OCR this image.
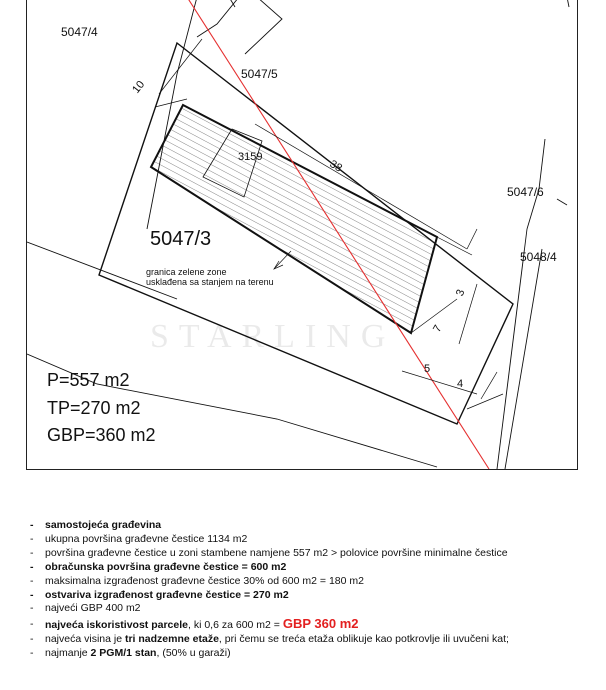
5047/4
5047/5
5047/6
5048/4
3159
5047/3
10
38
3
7
5
4
granica zelene zone
usklađena sa stanjem na terenu
P=557 m2
TP=270 m2
GBP=360 m2
STARLING
- samostojeća građevina
- ukupna površina građevne čestice 1134 m2
- površina građevne čestice u zoni stambene namjene 557 m2 > polovice površine minimalne čestice
- obračunska površina građevne čestice = 600 m2
- maksimalna izgrađenost građevne čestice 30% od 600 m2 = 180 m2
- ostvariva izgrađenost građevne čestice = 270 m2
- najveći GBP 400 m2
- najveća iskoristivost parcele, ki 0,6 za 600 m2 = GBP 360 m2
- najveća visina je tri nadzemne etaže, pri čemu se treća etaža oblikuje kao potkrovlje ili uvučeni kat;
- najmanje 2 PGM/1 stan, (50% u garaži)
